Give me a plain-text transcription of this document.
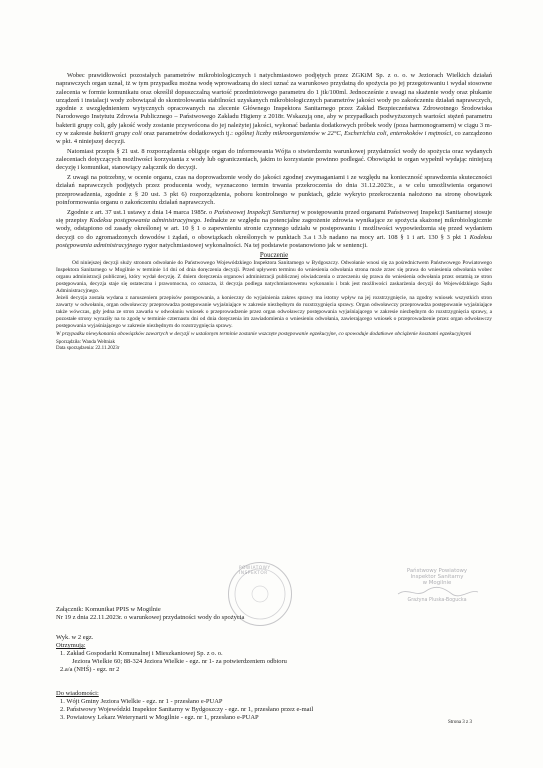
Wobec prawidłowości pozostałych parametrów mikrobiologicznych i natychmiastowo podjętych przez ZGKiM Sp. z o. o. w Jeziorach Wielkich działań naprawczych organ uznał, iż w tym przypadku można wodę wprowadzaną do sieci uznać za warunkowo przydatną do spożycia po jej przegotowaniu i wydał stosowne zalecenia w formie komunikatu oraz określił dopuszczalną wartość przedmiotowego parametru do 1 jtk/100ml. Jednocześnie z uwagi na skażenie wody oraz płukanie urządzeń i instalacji wody zobowiązał do skontrolowania stabilności uzyskanych mikrobiologicznych parametrów jakości wody po zakończeniu działań naprawczych, zgodnie z uwzględnieniem wytycznych opracowanych na zlecenie Głównego Inspektora Sanitarnego przez Zakład Bezpieczeństwa Zdrowotnego Środowiska Narodowego Instytutu Zdrowia Publicznego – Państwowego Zakładu Higieny z 2018r. Wskazują one, aby w przypadkach podwyższonych wartości stężeń parametru bakterii grupy coli, gdy jakość wody zostanie przywrócona do jej należytej jakości, wykonać badania dodatkowych próbek wody (poza harmonogramem) w ciągu 3 m-cy w zakresie bakterii grupy coli oraz parametrów dodatkowych tj.: ogólnej liczby mikroorganizmów w 22°C, Escherichia coli, enterokoków i mętności, co zarządzono w pkt. 4 niniejszej decyzji.

Natomiast przepis § 21 ust. 8 rozporządzenia obliguje organ do informowania Wójta o stwierdzeniu warunkowej przydatności wody do spożycia oraz wydanych zaleceniach dotyczących możliwości korzystania z wody lub ograniczeniach, jakim to korzystanie powinno podlegać. Obowiązki te organ wypełnił wydając niniejszą decyzję i komunikat, stanowiący załącznik do decyzji.

Z uwagi na potrzebny, w ocenie organu, czas na doprowadzenie wody do jakości zgodnej zwymaganiami i ze względu na konieczność sprawdzenia skuteczności działań naprawczych podjętych przez producenta wody, wyznaczono termin trwania przekroczenia do dnia 31.12.2023r., a w celu umożliwienia organowi przeprowadzenia, zgodnie z § 20 ust. 3 pkt 6) rozporządzenia, poboru kontrolnego w punktach, gdzie wykryto przekroczenia nałożono na stronę obowiązek poinformowania organu o zakończeniu działań naprawczych.

Zgodnie z art. 37 ust.1 ustawy z dnia 14 marca 1985r. o Państwowej Inspekcji Sanitarnej w postępowaniu przed organami Państwowej Inspekcji Sanitarnej stosuje się przepisy Kodeksu postępowania administracyjnego. Jednakże ze względu na potencjalne zagrożenie zdrowia wynikające ze spożycia skażonej mikrobiologicznie wody, odstąpiono od zasady określonej w art. 10 § 1 o zapewnieniu stronie czynnego udziału w postępowaniu i możliwości wypowiedzenia się przed wydaniem decyzji co do zgromadzonych dowodów i żądań, o obowiązkach określonych w punktach 3.a i 3.b nadano na mocy art. 108 § 1 i art. 130 § 3 pkt 1 Kodeksu postępowania administracyjnego rygor natychmiastowej wykonalności. Na tej podstawie postanowiono jak w sentencji.

Pouczenie

Od niniejszej decyzji służy stronom odwołanie do Państwowego Wojewódzkiego Inspektora Sanitarnego w Bydgoszczy. Odwołanie wnosi się za pośrednictwem Państwowego Powiatowego Inspektora Sanitarnego w Mogilnie w terminie 14 dni od dnia doręczenia decyzji. Przed upływem terminu do wniesienia odwołania strona może zrzec się prawa do wniesienia odwołania wobec organu administracji publicznej, który wydał decyzję. Z dniem doręczenia organowi administracji publicznej oświadczenia o zrzeczeniu się prawa do wniesienia odwołania przez ostatnią ze stron postępowania, decyzja staje się ostateczna i prawomocna, co oznacza, iż decyzja podlega natychmiastowemu wykonaniu i brak jest możliwości zaskarżenia decyzji do Wojewódzkiego Sądu Administracyjnego.

Jeżeli decyzja została wydana z naruszeniem przepisów postępowania, a konieczny do wyjaśnienia zakres sprawy ma istotny wpływ na jej rozstrzygnięcie, na zgodny wniosek wszystkich stron zawarty w odwołaniu, organ odwoławczy przeprowadza postępowanie wyjaśniające w zakresie niezbędnym do rozstrzygnięcia sprawy. Organ odwoławczy przeprowadza postępowanie wyjaśniające także wówczas, gdy jedna ze stron zawarła w odwołaniu wniosek o przeprowadzenie przez organ odwoławczy postępowania wyjaśniającego w zakresie niezbędnym do rozstrzygnięcia sprawy, a pozostałe strony wyraziły na to zgodę w terminie czternastu dni od dnia doręczenia im zawiadomienia o wniesieniu odwołania, zawierającego wniosek o przeprowadzenie przez organ odwoławczy postępowania wyjaśniającego w zakresie niezbędnym do rozstrzygnięcia sprawy.

W przypadku niewykonania obowiązków zawartych w decyzji w ustalonym terminie zostanie wszczęte postępowanie egzekucyjne, co spowoduje dodatkowe obciążenie kosztami egzekucyjnymi

Sporządziła: Wanda Weltniak

Data sporządzenia: 22.11.2023r

POWIATOWY INSPEKTOR	Państwowy Powiatowy
Inspektor Sanitarny
w Mogilnie
Grażyna Pluska-Bogucka

Załącznik: Komunikat PPIS w Mogilnie

Nr 19 z dnia 22.11.2023r. o warunkowej przydatności wody do spożycia

Wyk. w 2 egz.

Otrzymują:

1. Zakład Gospodarki Komunalnej i Mieszkaniowej Sp. z o. o.

Jeziora Wielkie 60; 88-324 Jeziora Wielkie - egz. nr 1- za potwierdzeniem odbioru

2.a/a (NHŚ) - egz. nr 2

Do wiadomości:

1. Wójt Gminy Jeziora Wielkie - egz. nr 1 - przesłano e-PUAP

2. Państwowy Wojewódzki Inspektor Sanitarny w Bydgoszczy - egz. nr 1, przesłano przez e-mail

3. Powiatowy Lekarz Weterynarii w Mogilnie - egz. nr 1, przesłano e-PUAP

Strona 3 z 3
